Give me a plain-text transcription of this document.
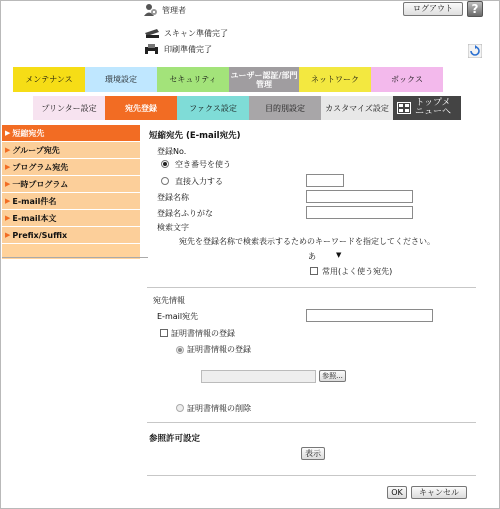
管理者	ログアウト	?
スキャン準備完了
印刷準備完了
メンテナンス	環境設定	セキュリティ	ユーザー認証/部門管理	ネットワーク	ボックス
プリンター設定	宛先登録	ファクス設定	目的別設定	カスタマイズ設定	トップメニューへ
▶ 短縮宛先
▶ グループ宛先
▶ プログラム宛先
▶ 一時プログラム
▶ E-mail件名
▶ E-mail本文
▶ Prefix/Suffix
短縮宛先 (E-mail宛先)
登録No.
空き番号を使う
直接入力する
登録名称
登録名ふりがな
検索文字
宛先を登録名称で検索表示するためのキーワードを指定してください。
あ	▼
常用(よく使う宛先)
宛先情報
E-mail宛先
証明書情報の登録
証明書情報の登録
参照...
証明書情報の削除
参照許可設定
表示
OK	キャンセル
